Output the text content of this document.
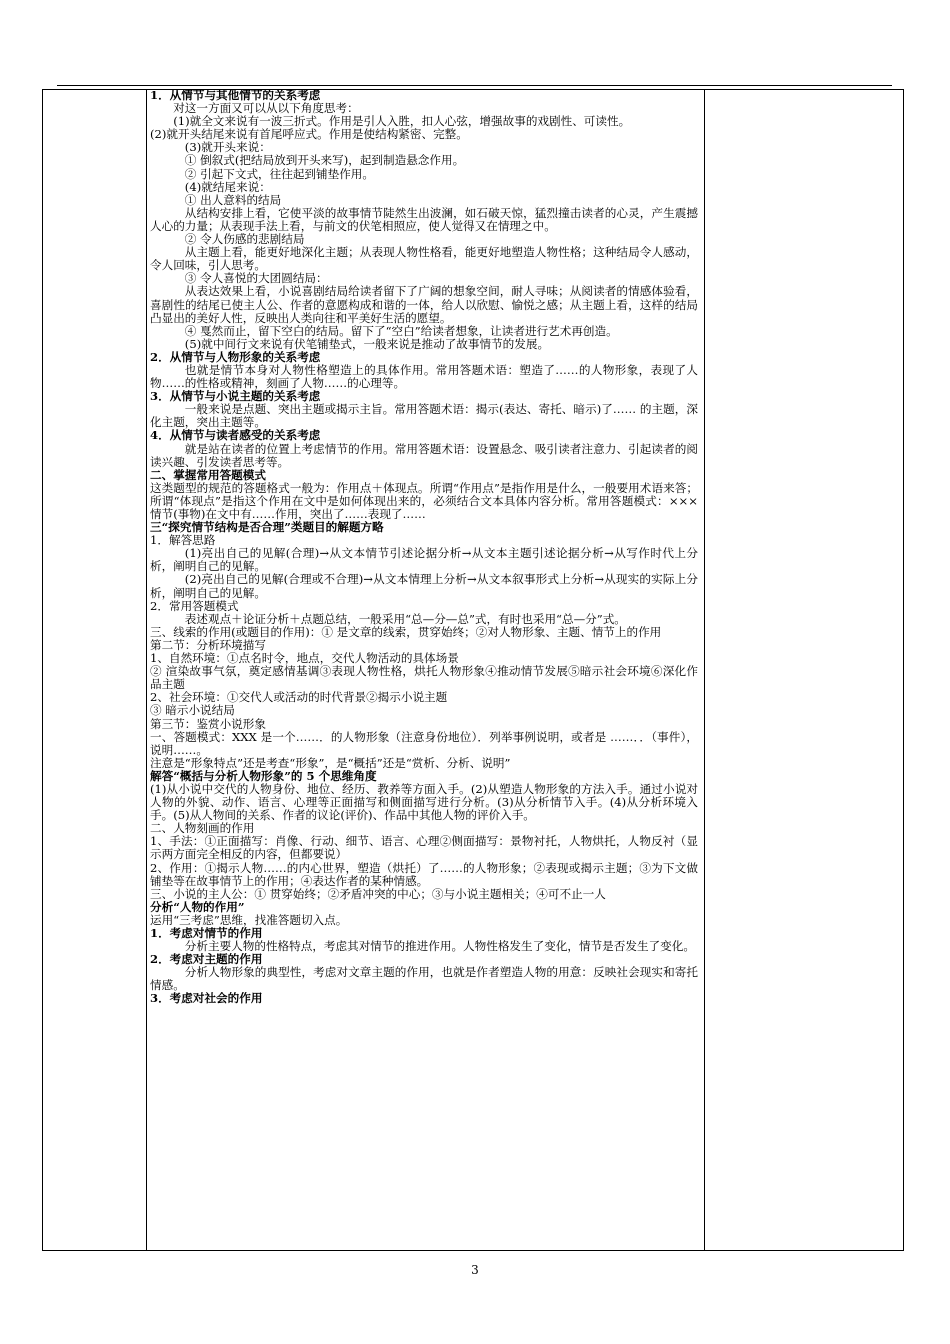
1．从情节与其他情节的关系考虑

对这一方面又可以从以下角度思考：

(1)就全文来说有一波三折式。作用是引人入胜，扣人心弦，增强故事的戏剧性、可读性。

(2)就开头结尾来说有首尾呼应式。作用是使结构紧密、完整。

(3)就开头来说：

① 倒叙式(把结局放到开头来写)，起到制造悬念作用。

② 引起下文式，往往起到铺垫作用。

(4)就结尾来说：

① 出人意料的结局

从结构安排上看，它使平淡的故事情节陡然生出波澜，如石破天惊，猛烈撞击读者的心灵，产生震撼人心的力量；从表现手法上看，与前文的伏笔相照应，使人觉得又在情理之中。

② 令人伤感的悲剧结局

从主题上看，能更好地深化主题；从表现人物性格看，能更好地塑造人物性格；这种结局令人感动，令人回味，引人思考。

③ 令人喜悦的大团圆结局：

从表达效果上看，小说喜剧结局给读者留下了广阔的想象空间，耐人寻味；从阅读者的情感体验看，喜剧性的结尾已使主人公、作者的意愿构成和谐的一体，给人以欣慰、愉悦之感；从主题上看，这样的结局凸显出的美好人性，反映出人类向往和平美好生活的愿望。

④ 戛然而止，留下空白的结局。留下了“空白”给读者想象，让读者进行艺术再创造。

(5)就中间行文来说有伏笔铺垫式，一般来说是推动了故事情节的发展。

2．从情节与人物形象的关系考虑

也就是情节本身对人物性格塑造上的具体作用。常用答题术语：塑造了……的人物形象，表现了人物……的性格或精神，刻画了人物……的心理等。

3．从情节与小说主题的关系考虑

一般来说是点题、突出主题或揭示主旨。常用答题术语：揭示(表达、寄托、暗示)了…… 的主题，深化主题，突出主题等。

4．从情节与读者感受的关系考虑

就是站在读者的位置上考虑情节的作用。常用答题术语：设置悬念、吸引读者注意力、引起读者的阅读兴趣、引发读者思考等。

二、掌握常用答题模式

这类题型的规范的答题格式一般为：作用点＋体现点。所谓“作用点”是指作用是什么，一般要用术语来答；所谓“体现点”是指这个作用在文中是如何体现出来的，必须结合文本具体内容分析。常用答题模式：×××情节(事物)在文中有……作用，突出了……表现了……

三“探究情节结构是否合理”类题目的解题方略

1．解答思路

(1)亮出自己的见解(合理)→从文本情节引述论据分析→从文本主题引述论据分析→从写作时代上分析，阐明自己的见解。

(2)亮出自己的见解(合理或不合理)→从文本情理上分析→从文本叙事形式上分析→从现实的实际上分析，阐明自己的见解。

2．常用答题模式

表述观点＋论证分析＋点题总结，一般采用“总—分—总”式，有时也采用“总—分”式。

三、线索的作用(或题目的作用)：① 是文章的线索，贯穿始终；②对人物形象、主题、情节上的作用

第二节：分析环境描写

1、自然环境：①点名时令，地点，交代人物活动的具体场景

② 渲染故事气氛，奠定感情基调③表现人物性格，烘托人物形象④推动情节发展⑤暗示社会环境⑥深化作品主题

2、社会环境：①交代人或活动的时代背景②揭示小说主题

③ 暗示小说结局

第三节：鉴赏小说形象

一、答题模式：XXX 是一个……．的人物形象（注意身份地位）．列举事例说明，或者是 ……．．（事件），说明……。

注意是“形象特点”还是考查“形象”，是“概括”还是“赏析、分析、说明”

解答“概括与分析人物形象”的 5 个思维角度

(1)从小说中交代的人物身份、地位、经历、教养等方面入手。(2)从塑造人物形象的方法入手。通过小说对人物的外貌、动作、语言、心理等正面描写和侧面描写进行分析。(3)从分析情节入手。(4)从分析环境入手。(5)从人物间的关系、作者的议论(评价)、作品中其他人物的评价入手。

二、人物刻画的作用

1、手法：①正面描写：肖像、行动、细节、语言、心理②侧面描写：景物衬托，人物烘托，人物反衬（显示两方面完全相反的内容，但都要说）

2、作用：①揭示人物……的内心世界，塑造（烘托）了……的人物形象；②表现或揭示主题；③为下文做铺垫等在故事情节上的作用；④表达作者的某种情感。

三、小说的主人公：① 贯穿始终；②矛盾冲突的中心；③与小说主题相关；④可不止一人

分析“人物的作用”

运用“三考虑”思维，找准答题切入点。

1．考虑对情节的作用

分析主要人物的性格特点，考虑其对情节的推进作用。人物性格发生了变化，情节是否发生了变化。

2．考虑对主题的作用

分析人物形象的典型性，考虑对文章主题的作用，也就是作者塑造人物的用意：反映社会现实和寄托情感。

3．考虑对社会的作用

3
